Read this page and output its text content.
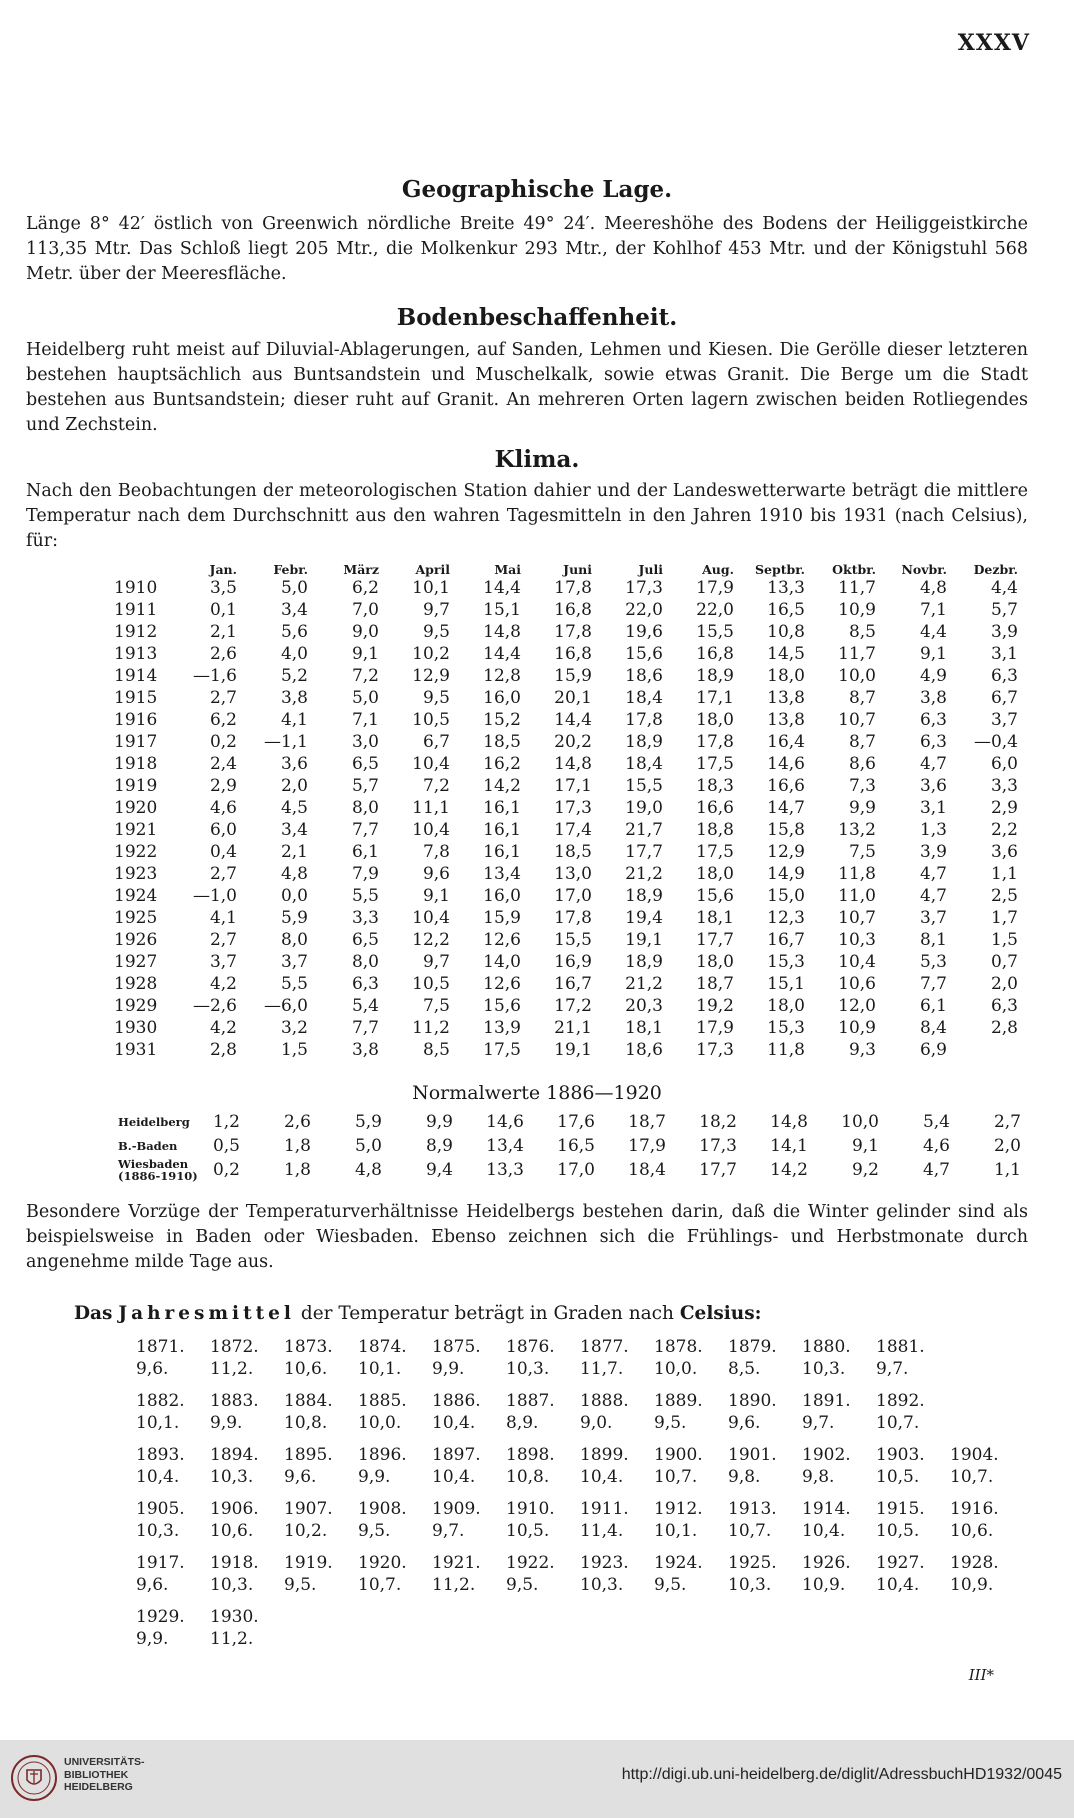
XXXV
Geographische Lage.

Länge 8° 42′ östlich von Greenwich nördliche Breite 49° 24′. Meereshöhe des Bodens der Heiliggeistkirche 113,35 Mtr. Das Schloß liegt 205 Mtr., die Molkenkur 293 Mtr., der Kohlhof 453 Mtr. und der Königstuhl 568 Metr. über der Meeresfläche.

Bodenbeschaffenheit.

Heidelberg ruht meist auf Diluvial-Ablagerungen, auf Sanden, Lehmen und Kiesen. Die Gerölle dieser letzteren bestehen hauptsächlich aus Buntsandstein und Muschelkalk, sowie etwas Granit. Die Berge um die Stadt bestehen aus Buntsandstein; dieser ruht auf Granit. An mehreren Orten lagern zwischen beiden Rotliegendes und Zechstein.

Klima.

Nach den Beobachtungen der meteorologischen Station dahier und der Landeswetterwarte beträgt die mittlere Temperatur nach dem Durchschnitt aus den wahren Tagesmitteln in den Jahren 1910 bis 1931 (nach Celsius), für:

	Jan.	Febr.	März	April	Mai	Juni	Juli	Aug.	Septbr.	Oktbr.	Novbr.	Dezbr.
1910	3,5	5,0	6,2	10,1	14,4	17,8	17,3	17,9	13,3	11,7	4,8	4,4
1911	0,1	3,4	7,0	9,7	15,1	16,8	22,0	22,0	16,5	10,9	7,1	5,7
1912	2,1	5,6	9,0	9,5	14,8	17,8	19,6	15,5	10,8	8,5	4,4	3,9
1913	2,6	4,0	9,1	10,2	14,4	16,8	15,6	16,8	14,5	11,7	9,1	3,1
1914	—1,6	5,2	7,2	12,9	12,8	15,9	18,6	18,9	18,0	10,0	4,9	6,3
1915	2,7	3,8	5,0	9,5	16,0	20,1	18,4	17,1	13,8	8,7	3,8	6,7
1916	6,2	4,1	7,1	10,5	15,2	14,4	17,8	18,0	13,8	10,7	6,3	3,7
1917	0,2	—1,1	3,0	6,7	18,5	20,2	18,9	17,8	16,4	8,7	6,3	—0,4
1918	2,4	3,6	6,5	10,4	16,2	14,8	18,4	17,5	14,6	8,6	4,7	6,0
1919	2,9	2,0	5,7	7,2	14,2	17,1	15,5	18,3	16,6	7,3	3,6	3,3
1920	4,6	4,5	8,0	11,1	16,1	17,3	19,0	16,6	14,7	9,9	3,1	2,9
1921	6,0	3,4	7,7	10,4	16,1	17,4	21,7	18,8	15,8	13,2	1,3	2,2
1922	0,4	2,1	6,1	7,8	16,1	18,5	17,7	17,5	12,9	7,5	3,9	3,6
1923	2,7	4,8	7,9	9,6	13,4	13,0	21,2	18,0	14,9	11,8	4,7	1,1
1924	—1,0	0,0	5,5	9,1	16,0	17,0	18,9	15,6	15,0	11,0	4,7	2,5
1925	4,1	5,9	3,3	10,4	15,9	17,8	19,4	18,1	12,3	10,7	3,7	1,7
1926	2,7	8,0	6,5	12,2	12,6	15,5	19,1	17,7	16,7	10,3	8,1	1,5
1927	3,7	3,7	8,0	9,7	14,0	16,9	18,9	18,0	15,3	10,4	5,3	0,7
1928	4,2	5,5	6,3	10,5	12,6	16,7	21,2	18,7	15,1	10,6	7,7	2,0
1929	—2,6	—6,0	5,4	7,5	15,6	17,2	20,3	19,2	18,0	12,0	6,1	6,3
1930	4,2	3,2	7,7	11,2	13,9	21,1	18,1	17,9	15,3	10,9	8,4	2,8
1931	2,8	1,5	3,8	8,5	17,5	19,1	18,6	17,3	11,8	9,3	6,9	
Normalwerte 1886—1920
Heidelberg	1,2	2,6	5,9	9,9	14,6	17,6	18,7	18,2	14,8	10,0	5,4	2,7

B.-Baden	0,5	1,8	5,0	8,9	13,4	16,5	17,9	17,3	14,1	9,1	4,6	2,0

Wiesbaden
(1886-1910)	0,2	1,8	4,8	9,4	13,3	17,0	18,4	17,7	14,2	9,2	4,7	1,1

Besondere Vorzüge der Temperaturverhältnisse Heidelbergs bestehen darin, daß die Winter gelinder sind als beispielsweise in Baden oder Wiesbaden. Ebenso zeichnen sich die Frühlings- und Herbstmonate durch angenehme milde Tage aus.

Das Jahresmittel der Temperatur beträgt in Graden nach Celsius:
1871.	1872.	1873.	1874.	1875.	1876.	1877.	1878.	1879.	1880.	1881.
9,6.	11,2.	10,6.	10,1.	9,9.	10,3.	11,7.	10,0.	8,5.	10,3.	9,7.
1882.	1883.	1884.	1885.	1886.	1887.	1888.	1889.	1890.	1891.	1892.
10,1.	9,9.	10,8.	10,0.	10,4.	8,9.	9,0.	9,5.	9,6.	9,7.	10,7.
1893.	1894.	1895.	1896.	1897.	1898.	1899.	1900.	1901.	1902.	1903.	1904.
10,4.	10,3.	9,6.	9,9.	10,4.	10,8.	10,4.	10,7.	9,8.	9,8.	10,5.	10,7.
1905.	1906.	1907.	1908.	1909.	1910.	1911.	1912.	1913.	1914.	1915.	1916.
10,3.	10,6.	10,2.	9,5.	9,7.	10,5.	11,4.	10,1.	10,7.	10,4.	10,5.	10,6.
1917.	1918.	1919.	1920.	1921.	1922.	1923.	1924.	1925.	1926.	1927.	1928.
9,6.	10,3.	9,5.	10,7.	11,2.	9,5.	10,3.	9,5.	10,3.	10,9.	10,4.	10,9.
1929.	1930.
9,9.	11,2.
III*
UNIVERSITÄTS-
BIBLIOTHEK
HEIDELBERG
http://digi.ub.uni-heidelberg.de/diglit/AdressbuchHD1932/0045
